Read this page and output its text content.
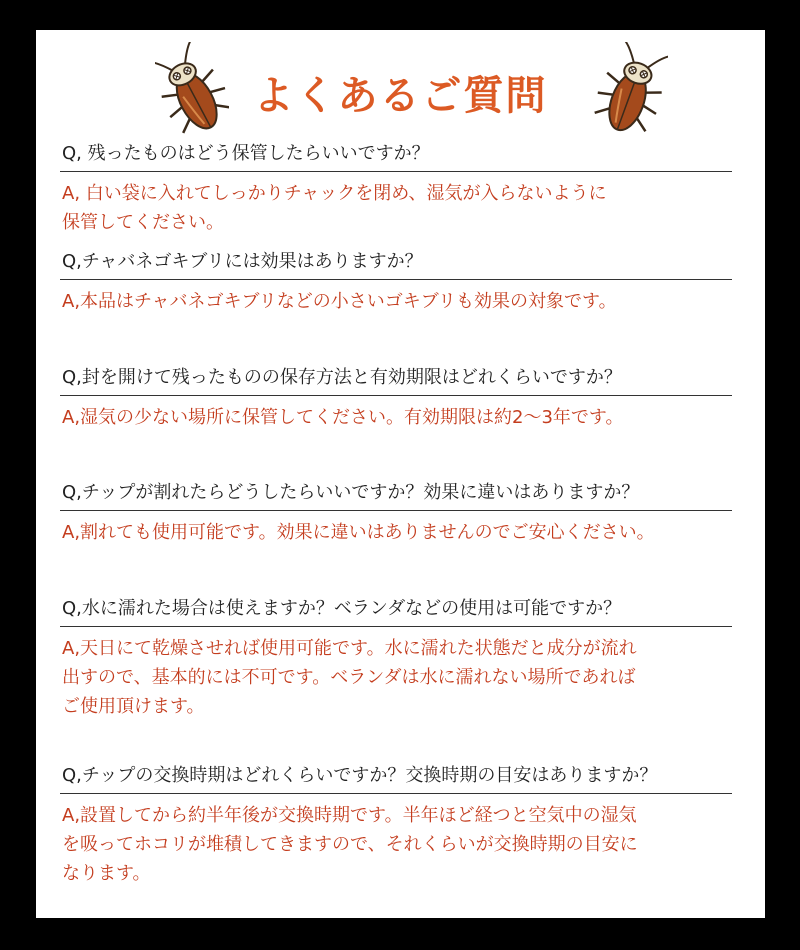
よくあるご質問
Q, 残ったものはどう保管したらいいですか？
A, 白い袋に入れてしっかりチャックを閉め、湿気が入らないように
保管してください。
Q,チャバネゴキブリには効果はありますか？
A,本品はチャバネゴキブリなどの小さいゴキブリも効果の対象です。
Q,封を開けて残ったものの保存方法と有効期限はどれくらいですか？
A,湿気の少ない場所に保管してください。有効期限は約2～3年です。
Q,チップが割れたらどうしたらいいですか？効果に違いはありますか？
A,割れても使用可能です。効果に違いはありませんのでご安心ください。
Q,水に濡れた場合は使えますか？ベランダなどの使用は可能ですか？
A,天日にて乾燥させれば使用可能です。水に濡れた状態だと成分が流れ
出すので、基本的には不可です。ベランダは水に濡れない場所であれば
ご使用頂けます。
Q,チップの交換時期はどれくらいですか？交換時期の目安はありますか？
A,設置してから約半年後が交換時期です。半年ほど経つと空気中の湿気
を吸ってホコリが堆積してきますので、それくらいが交換時期の目安に
なります。
